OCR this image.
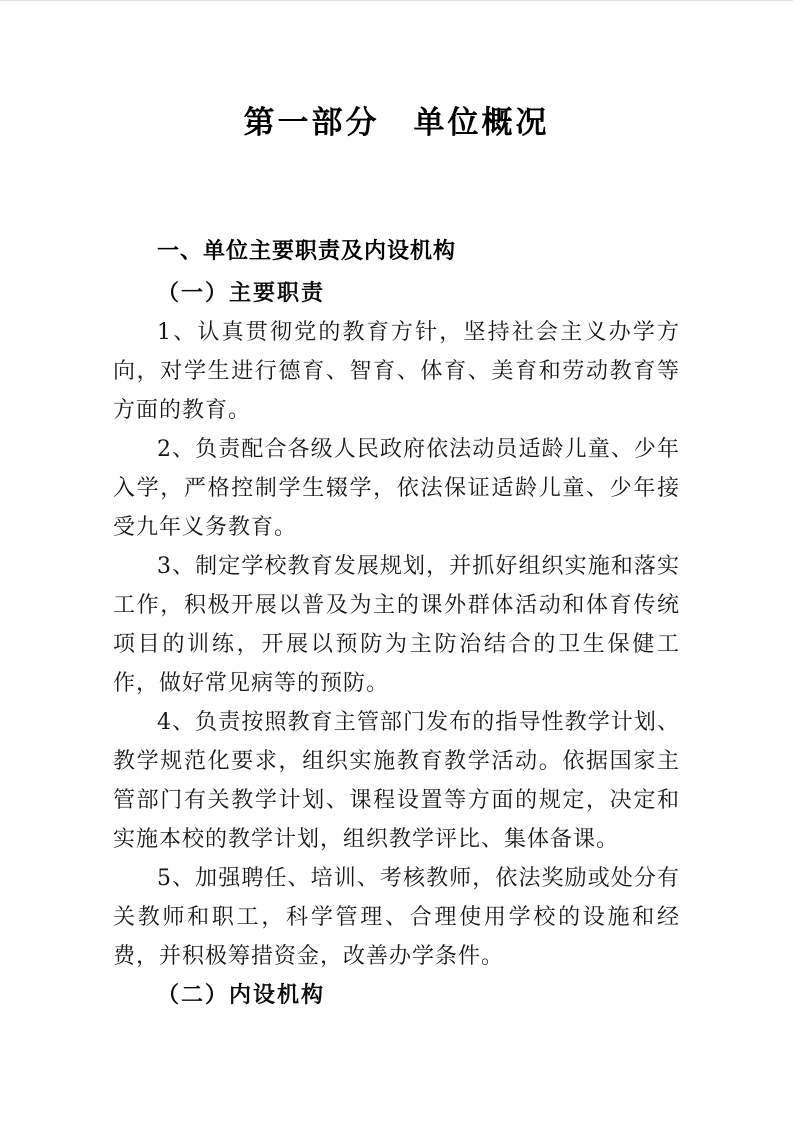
第一部分　单位概况
一、单位主要职责及内设机构
（一）主要职责

1、认真贯彻党的教育方针，坚持社会主义办学方向，对学生进行德育、智育、体育、美育和劳动教育等方面的教育。

2、负责配合各级人民政府依法动员适龄儿童、少年入学，严格控制学生辍学，依法保证适龄儿童、少年接受九年义务教育。

3、制定学校教育发展规划，并抓好组织实施和落实工作，积极开展以普及为主的课外群体活动和体育传统项目的训练，开展以预防为主防治结合的卫生保健工作，做好常见病等的预防。

4、负责按照教育主管部门发布的指导性教学计划、教学规范化要求，组织实施教育教学活动。依据国家主管部门有关教学计划、课程设置等方面的规定，决定和实施本校的教学计划，组织教学评比、集体备课。

5、加强聘任、培训、考核教师，依法奖励或处分有关教师和职工，科学管理、合理使用学校的设施和经费，并积极筹措资金，改善办学条件。

（二）内设机构
